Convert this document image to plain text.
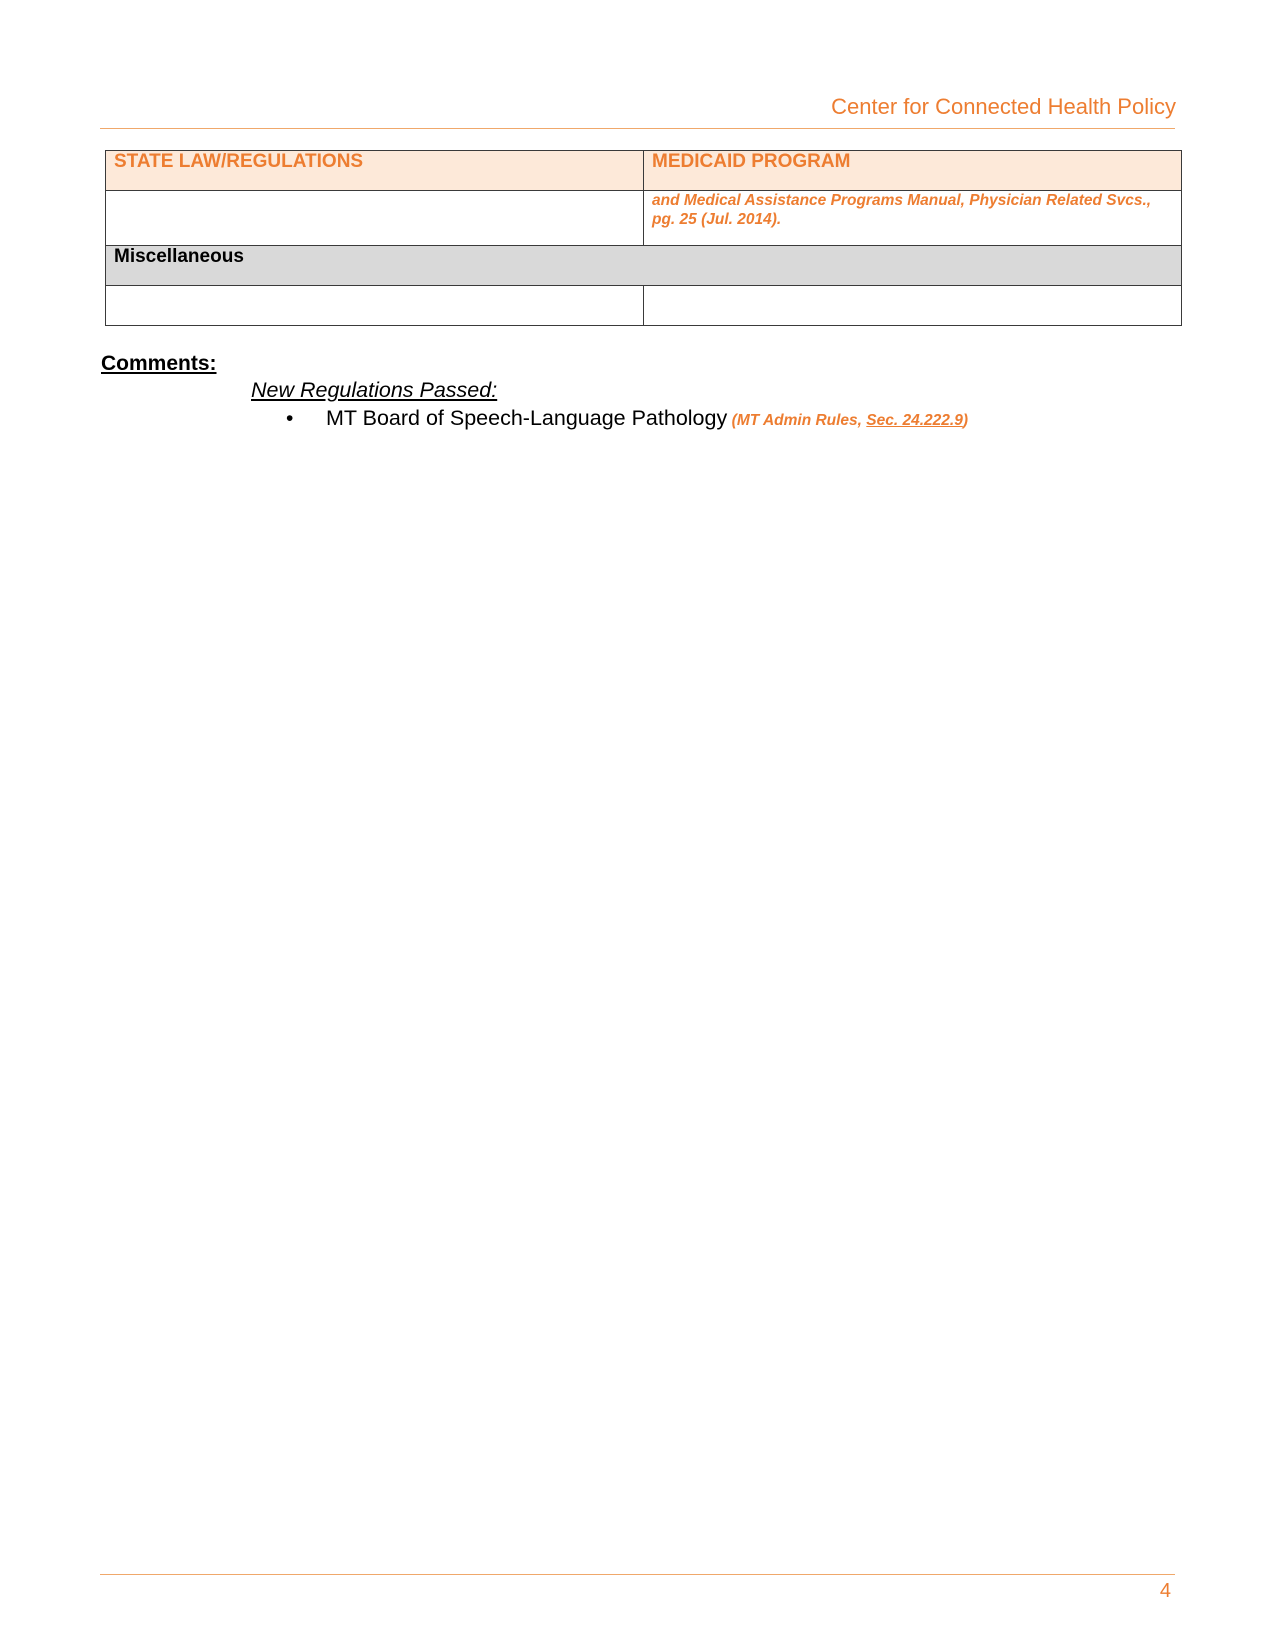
Center for Connected Health Policy
STATE LAW/REGULATIONS	MEDICAID PROGRAM
	and Medical Assistance Programs Manual, Physician Related Svcs., pg. 25 (Jul. 2014).
Miscellaneous	

Comments:
New Regulations Passed:
• MT Board of Speech-Language Pathology (MT Admin Rules, Sec. 24.222.9)
4
